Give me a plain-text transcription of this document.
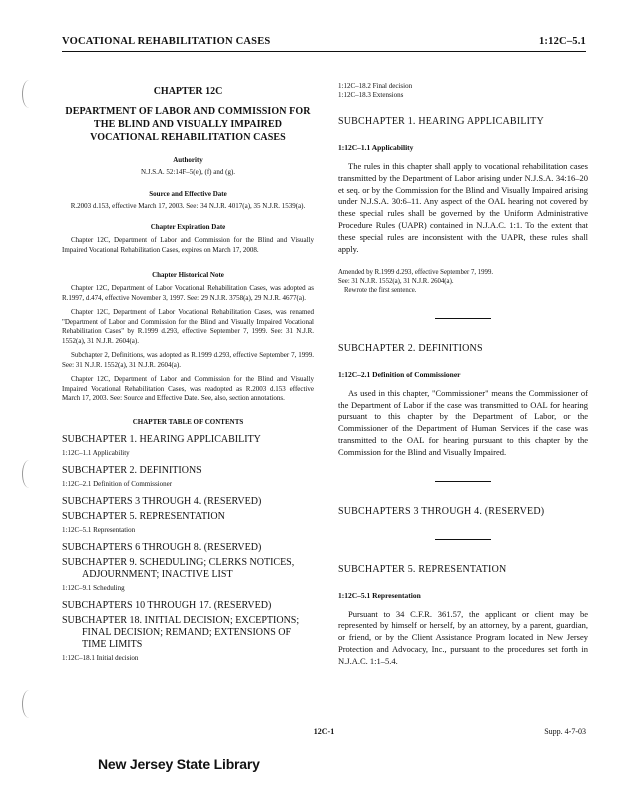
VOCATIONAL REHABILITATION CASES	1:12C–5.1
CHAPTER 12C
DEPARTMENT OF LABOR AND COMMISSION FOR THE BLIND AND VISUALLY IMPAIRED VOCATIONAL REHABILITATION CASES
Authority
N.J.S.A. 52:14F–5(e), (f) and (g).
Source and Effective Date
R.2003 d.153, effective March 17, 2003. See: 34 N.J.R. 4017(a), 35 N.J.R. 1539(a).
Chapter Expiration Date
Chapter 12C, Department of Labor and Commission for the Blind and Visually Impaired Vocational Rehabilitation Cases, expires on March 17, 2008.
Chapter Historical Note
Chapter 12C, Department of Labor Vocational Rehabilitation Cases, was adopted as R.1997, d.474, effective November 3, 1997. See: 29 N.J.R. 3758(a), 29 N.J.R. 4677(a).
Chapter 12C, Department of Labor Vocational Rehabilitation Cases, was renamed "Department of Labor and Commission for the Blind and Visually Impaired Vocational Rehabilitation Cases" by R.1999 d.293, effective September 7, 1999. See: 31 N.J.R. 1552(a), 31 N.J.R. 2604(a).
Subchapter 2, Definitions, was adopted as R.1999 d.293, effective September 7, 1999. See: 31 N.J.R. 1552(a), 31 N.J.R. 2604(a).
Chapter 12C, Department of Labor and Commission for the Blind and Visually Impaired Vocational Rehabilitation Cases, was readopted as R.2003 d.153 effective March 17, 2003. See: Source and Effective Date. See, also, section annotations.
CHAPTER TABLE OF CONTENTS
SUBCHAPTER 1. HEARING APPLICABILITY
1:12C–1.1 Applicability
SUBCHAPTER 2. DEFINITIONS
1:12C–2.1 Definition of Commissioner
SUBCHAPTERS 3 THROUGH 4. (RESERVED)
SUBCHAPTER 5. REPRESENTATION
1:12C–5.1 Representation
SUBCHAPTERS 6 THROUGH 8. (RESERVED)
SUBCHAPTER 9. SCHEDULING; CLERKS NOTICES,
ADJOURNMENT; INACTIVE LIST
1:12C–9.1 Scheduling
SUBCHAPTERS 10 THROUGH 17. (RESERVED)
SUBCHAPTER 18. INITIAL DECISION; EXCEPTIONS;
FINAL DECISION; REMAND; EXTENSIONS OF
TIME LIMITS
1:12C–18.1 Initial decision
1:12C–18.2 Final decision
1:12C–18.3 Extensions
SUBCHAPTER 1. HEARING APPLICABILITY
1:12C–1.1 Applicability
The rules in this chapter shall apply to vocational rehabilitation cases transmitted by the Department of Labor arising under N.J.S.A. 34:16–20 et seq. or by the Commission for the Blind and Visually Impaired arising under N.J.S.A. 30:6–11. Any aspect of the OAL hearing not covered by these special rules shall be governed by the Uniform Administrative Procedure Rules (UAPR) contained in N.J.A.C. 1:1. To the extent that these special rules are inconsistent with the UAPR, these rules shall apply.
Amended by R.1999 d.293, effective September 7, 1999.
See: 31 N.J.R. 1552(a), 31 N.J.R. 2604(a).
Rewrote the first sentence.
SUBCHAPTER 2. DEFINITIONS
1:12C–2.1 Definition of Commissioner
As used in this chapter, "Commissioner" means the Commissioner of the Department of Labor if the case was transmitted to OAL for hearing pursuant to this chapter by the Department of Labor, or the Commissioner of the Department of Human Services if the case was transmitted to the OAL for hearing pursuant to this chapter by the Commission for the Blind and Visually Impaired.
SUBCHAPTERS 3 THROUGH 4. (RESERVED)
SUBCHAPTER 5. REPRESENTATION
1:12C–5.1 Representation
Pursuant to 34 C.F.R. 361.57, the applicant or client may be represented by himself or herself, by an attorney, by a parent, guardian, or friend, or by the Client Assistance Program located in New Jersey Protection and Advocacy, Inc., pursuant to the procedures set forth in N.J.A.C. 1:1–5.4.
12C-1	Supp. 4-7-03
New Jersey State Library
